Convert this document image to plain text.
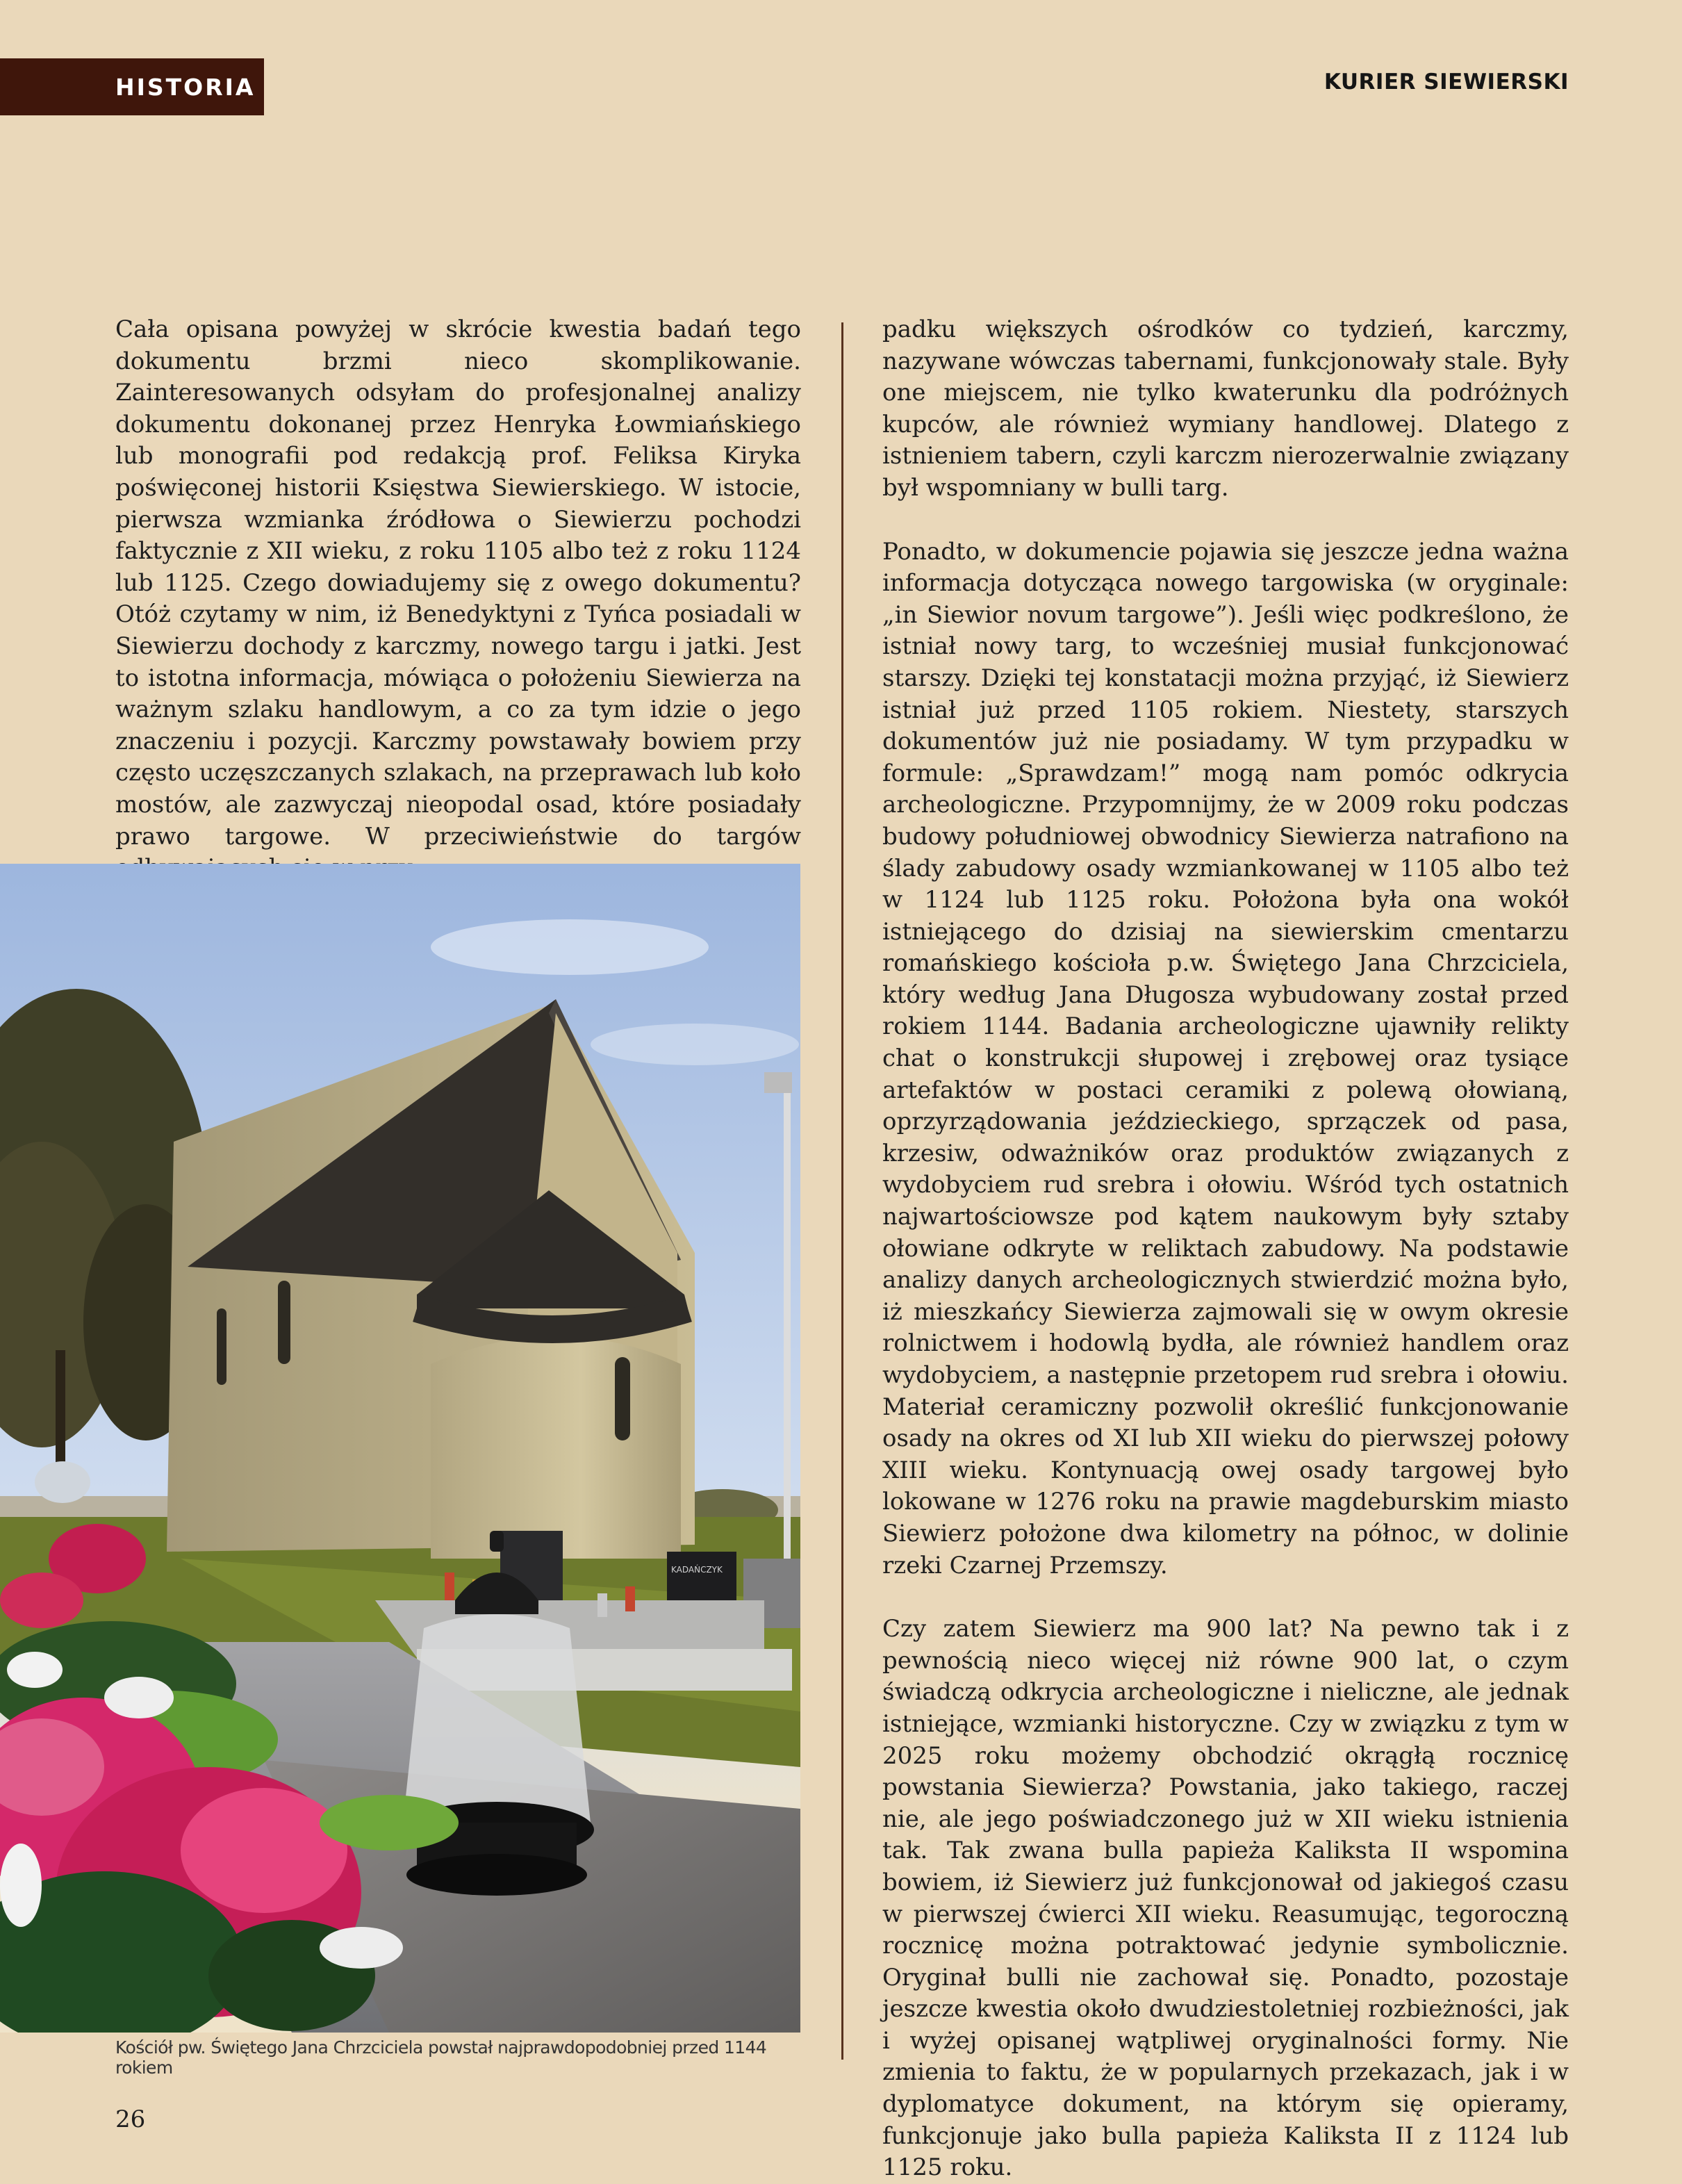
HISTORIA	KURIER SIEWIERSKI

Cała opisana powyżej w skrócie kwestia badań tego dokumentu brzmi nieco skomplikowanie. Zainteresowanych odsyłam do profesjonalnej analizy dokumentu dokonanej przez Henryka Łowmiańskiego lub monografii pod redakcją prof. Feliksa Kiryka poświęconej historii Księstwa Siewierskiego. W istocie, pierwsza wzmianka źródłowa o Siewierzu pochodzi faktycznie z XII wieku, z roku 1105 albo też z roku 1124 lub 1125. Czego dowiadujemy się z owego dokumentu? Otóż czytamy w nim, iż Benedyktyni z Tyńca posiadali w Siewierzu dochody z karczmy, nowego targu i jatki. Jest to istotna informacja, mówiąca o położeniu Siewierza na ważnym szlaku handlowym, a co za tym idzie o jego znaczeniu i pozycji. Karczmy powstawały bowiem przy często uczęszczanych szlakach, na przeprawach lub koło mostów, ale zazwyczaj nieopodal osad, które posiadały prawo targowe. W przeciwieństwie do targów

padku większych ośrodków co tydzień, karczmy, nazywane wówczas tabernami, funkcjonowały stale. Były one miejscem, nie tylko kwaterunku dla podróżnych kupców, ale również wymiany handlowej. Dlatego z istnieniem tabern, czyli karczm nierozerwalnie związany był wspomniany w bulli targ.

Ponadto, w dokumencie pojawia się jeszcze jedna ważna informacja dotycząca nowego targowiska (w oryginale: „in Siewior novum targowe”). Jeśli więc podkreślono, że istniał nowy targ, to wcześniej musiał funkcjonować starszy. Dzięki tej konstatacji można przyjąć, iż Siewierz istniał już przed 1105 rokiem. Niestety, starszych dokumentów już nie posiadamy. W tym przypadku w formule: „Sprawdzam!” mogą nam pomóc odkrycia archeologiczne. Przypomnijmy, że w 2009 roku podczas budowy południowej obwodnicy Siewierza natrafiono na ślady zabudowy osady wzmiankowanej w 1105 albo też w 1124 lub 1125 roku. Położona była ona wokół istniejącego do dzisiaj na siewierskim cmentarzu romańskiego kościoła p.w. Świętego Jana Chrzciciela, który według Jana Długosza wybudowany został przed rokiem 1144. Badania archeologiczne ujawniły relikty chat o konstrukcji słupowej i zrębowej oraz tysiące artefaktów w postaci ceramiki z polewą ołowianą, oprzyrządowania jeździeckiego, sprzączek od pasa, krzesiw, odważników oraz produktów związanych z wydobyciem rud srebra i ołowiu. Wśród tych ostatnich najwartościowsze pod kątem naukowym były sztaby ołowiane odkryte w reliktach zabudowy. Na podstawie analizy danych archeologicznych stwierdzić można było, iż mieszkańcy Siewierza zajmowali się w owym okresie rolnictwem i hodowlą bydła, ale również handlem oraz wydobyciem, a następnie przetopem rud srebra i ołowiu. Materiał ceramiczny pozwolił określić funkcjonowanie osady na okres od XI lub XII wieku do pierwszej połowy XIII wieku. Kontynuacją owej osady targowej było lokowane w 1276 roku na prawie magdeburskim miasto Siewierz położone dwa kilometry na północ, w dolinie rzeki Czarnej Przemszy.

Czy zatem Siewierz ma 900 lat? Na pewno tak i z pewnością nieco więcej niż równe 900 lat, o czym świadczą odkrycia archeologiczne i nieliczne, ale jednak istniejące, wzmianki historyczne. Czy w związku z tym w 2025 roku możemy obchodzić okrągłą rocznicę powstania Siewierza? Powstania, jako takiego, raczej nie, ale jego poświadczonego już w XII wieku istnienia tak. Tak zwana bulla papieża Kaliksta II wspomina bowiem, iż Siewierz już funkcjonował od jakiegoś czasu w pierwszej ćwierci XII wieku. Reasumując, tegoroczną rocznicę można potraktować jedynie symbolicznie. Oryginał bulli nie zachował się. Ponadto, pozostaje jeszcze kwestia około dwudziestoletniej rozbieżności, jak i wyżej opisanej wątpliwej oryginalności formy. Nie zmienia to faktu, że w popularnych przekazach, jak i w dyplomatyce dokument, na którym się opieramy, funkcjonuje jako bulla papieża Kaliksta II z 1124 lub 1125 roku.

KADAŃCZYK
Kościół pw. Świętego Jana Chrzciciela powstał najprawdopodobniej przed 1144 rokiem
26
